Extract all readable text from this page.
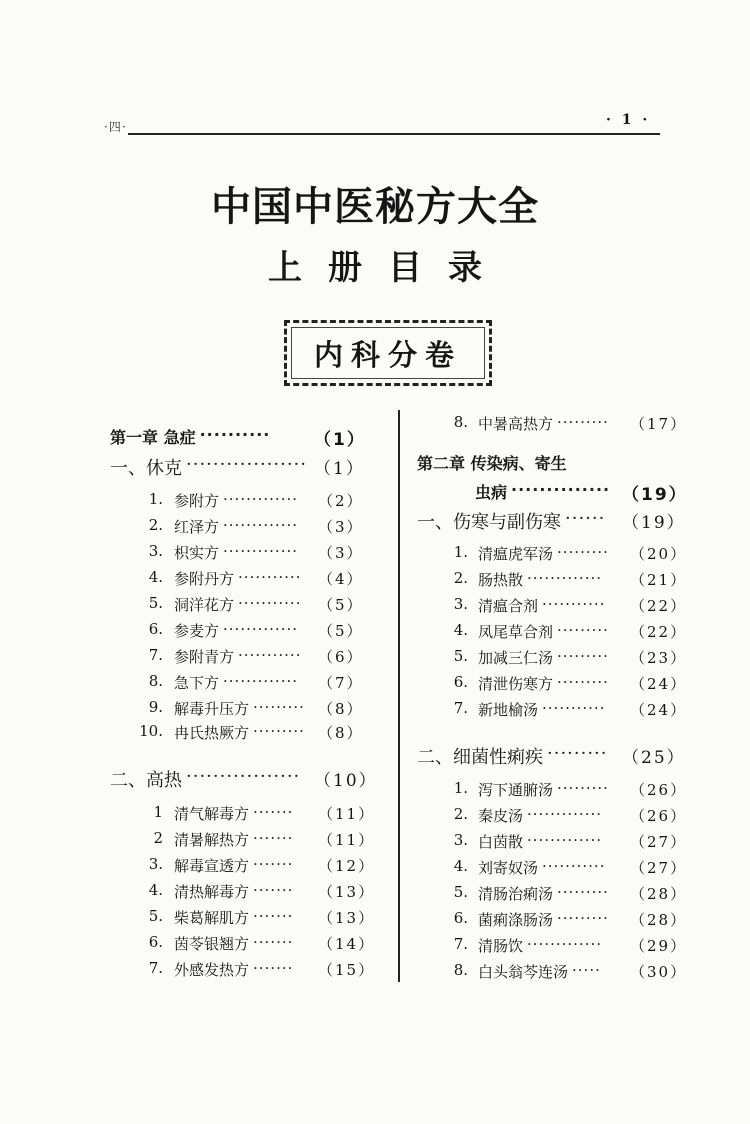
·四·	· 1 ·
中国中医秘方大全
上册目录
内科分卷
第一章 急症 ··········	（1）
一、休克 ·················· （1）
1. 参附方 ·············	（2）
2. 红泽方 ·············	（3）
3. 枳实方 ·············	（3）
4. 参附丹方 ···········	（4）
5. 洞洋花方 ···········	（5）
6. 参麦方 ·············	（5）
7. 参附青方 ···········	（6）
8. 急下方 ·············	（7）
9. 解毒升压方 ········· （8）
10. 冉氏热厥方 ········· （8）
二、高热 ················· （10）
1 清气解毒方 ·······	（11）
2 清暑解热方 ·······	（11）
3. 解毒宣透方 ·······	（12）
4. 清热解毒方 ·······	（13）
5. 柴葛解肌方 ·······	（13）
6. 茵苓银翘方 ·······	（14）
7. 外感发热方 ·······	（15）
8. 中暑高热方 ·········	（17）
第二章 传染病、寄生
虫病 ·············· （19）
一、伤寒与副伤寒 ······ （19）
1. 清瘟虎军汤 ·········	（20）
2. 肠热散 ·············	（21）
3. 清瘟合剂 ···········	（22）
4. 凤尾草合剂 ·········	（22）
5. 加减三仁汤 ·········	（23）
6. 清泄伤寒方 ·········	（24）
7. 新地榆汤 ···········	（24）
二、细菌性痢疾 ········· （25）
1. 泻下通腑汤 ·········	（26）
2. 秦皮汤 ·············	（26）
3. 白茵散 ·············	（27）
4. 刘寄奴汤 ···········	（27）
5. 清肠治痢汤 ·········	（28）
6. 菌痢涤肠汤 ·········	（28）
7. 清肠饮 ·············	（29）
8. 白头翁芩连汤 ·····	（30）
